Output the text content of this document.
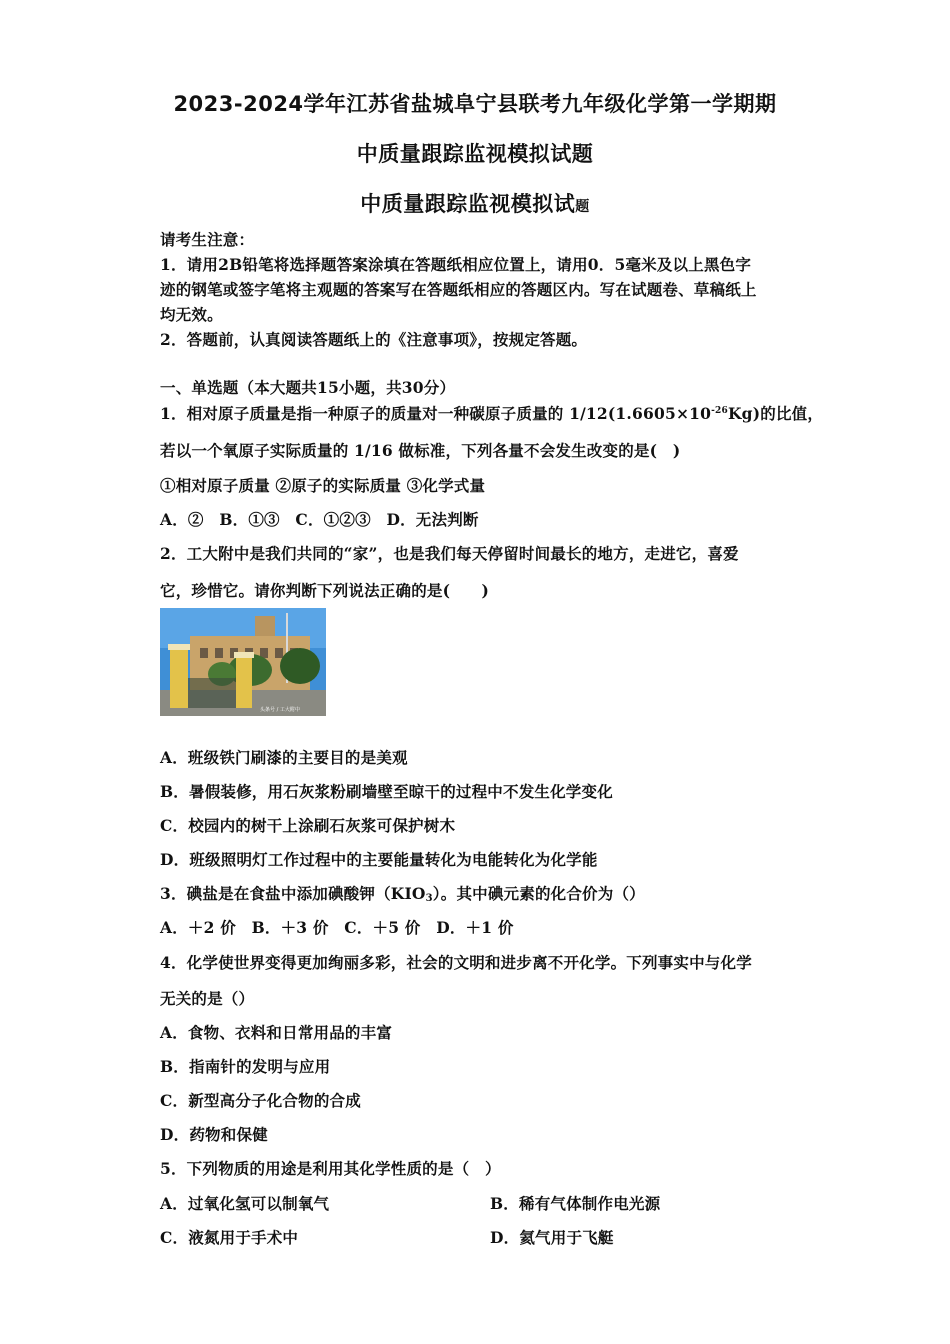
2023-2024学年江苏省盐城阜宁县联考九年级化学第一学期期
中质量跟踪监视模拟试题
中质量跟踪监视模拟试题
请考生注意：
1．请用2B铅笔将选择题答案涂填在答题纸相应位置上，请用0．5毫米及以上黑色字
迹的钢笔或签字笔将主观题的答案写在答题纸相应的答题区内。写在试题卷、草稿纸上
均无效。
2．答题前，认真阅读答题纸上的《注意事项》，按规定答题。
一、单选题（本大题共15小题，共30分）
1．相对原子质量是指一种原子的质量对一种碳原子质量的 $1/12(1.6605\times 10^{-26}Kg)$的比值，
若以一个氧原子实际质量的 1/16 做标准，下列各量不会发生改变的是(　)
①相对原子质量 ②原子的实际质量 ③化学式量
A．②　B．①③　C．①②③　D．无法判断
2．工大附中是我们共同的“家”，也是我们每天停留时间最长的地方，走进它，喜爱
它，珍惜它。请你判断下列说法正确的是(　　)
头条号 / 工大附中
A．班级铁门刷漆的主要目的是美观
B．暑假装修，用石灰浆粉刷墙壁至晾干的过程中不发生化学变化
C．校园内的树干上涂刷石灰浆可保护树木
D．班级照明灯工作过程中的主要能量转化为电能转化为化学能
3．碘盐是在食盐中添加碘酸钾$(KIO_3)$。其中碘元素的化合价为（）
A．＋2 价　B．＋3 价　C．＋5 价　D．＋1 价
4．化学使世界变得更加绚丽多彩，社会的文明和进步离不开化学。下列事实中与化学
无关的是（）
A．食物、衣料和日常用品的丰富
B．指南针的发明与应用
C．新型高分子化合物的合成
D．药物和保健
5．下列物质的用途是利用其化学性质的是（　）
A．过氧化氢可以制氧气	B．稀有气体制作电光源
C．液氮用于手术中	D．氦气用于飞艇
